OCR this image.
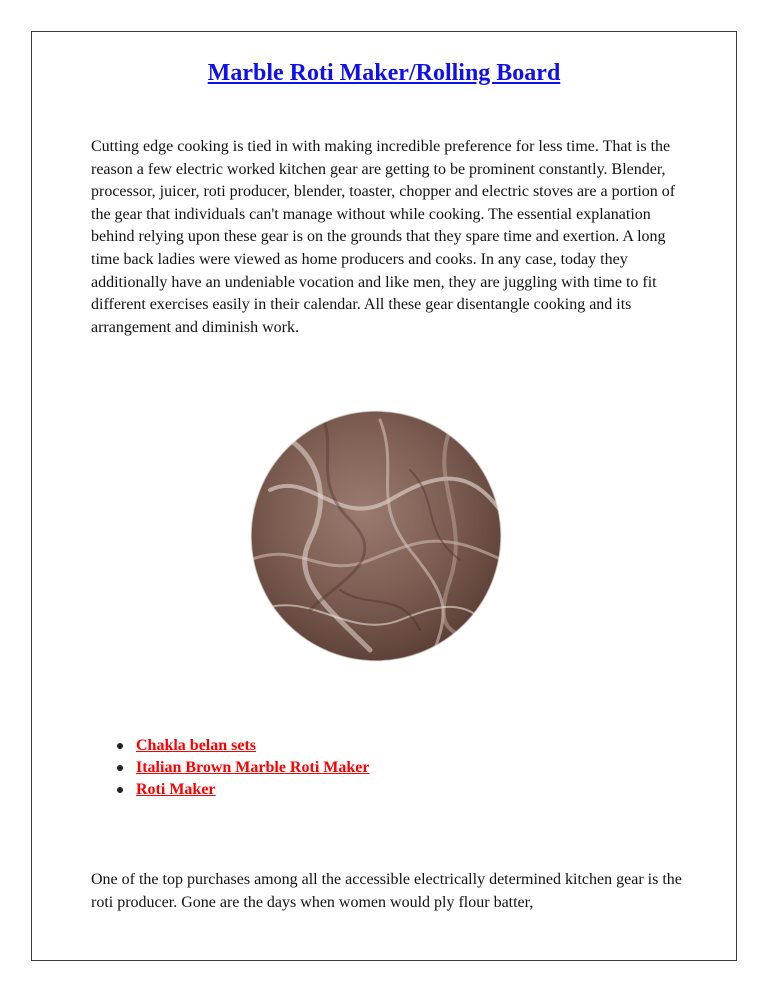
Marble Roti Maker/Rolling Board

Cutting edge cooking is tied in with making incredible preference for less time. That is the reason a few electric worked kitchen gear are getting to be prominent constantly. Blender, processor, juicer, roti producer, blender, toaster, chopper and electric stoves are a portion of the gear that individuals can't manage without while cooking. The essential explanation behind relying upon these gear is on the grounds that they spare time and exertion. A long time back ladies were viewed as home producers and cooks. In any case, today they additionally have an undeniable vocation and like men, they are juggling with time to fit different exercises easily in their calendar. All these gear disentangle cooking and its arrangement and diminish work.

Chakla belan sets
Italian Brown Marble Roti Maker
Roti Maker

One of the top purchases among all the accessible electrically determined kitchen gear is the roti producer. Gone are the days when women would ply flour batter,
